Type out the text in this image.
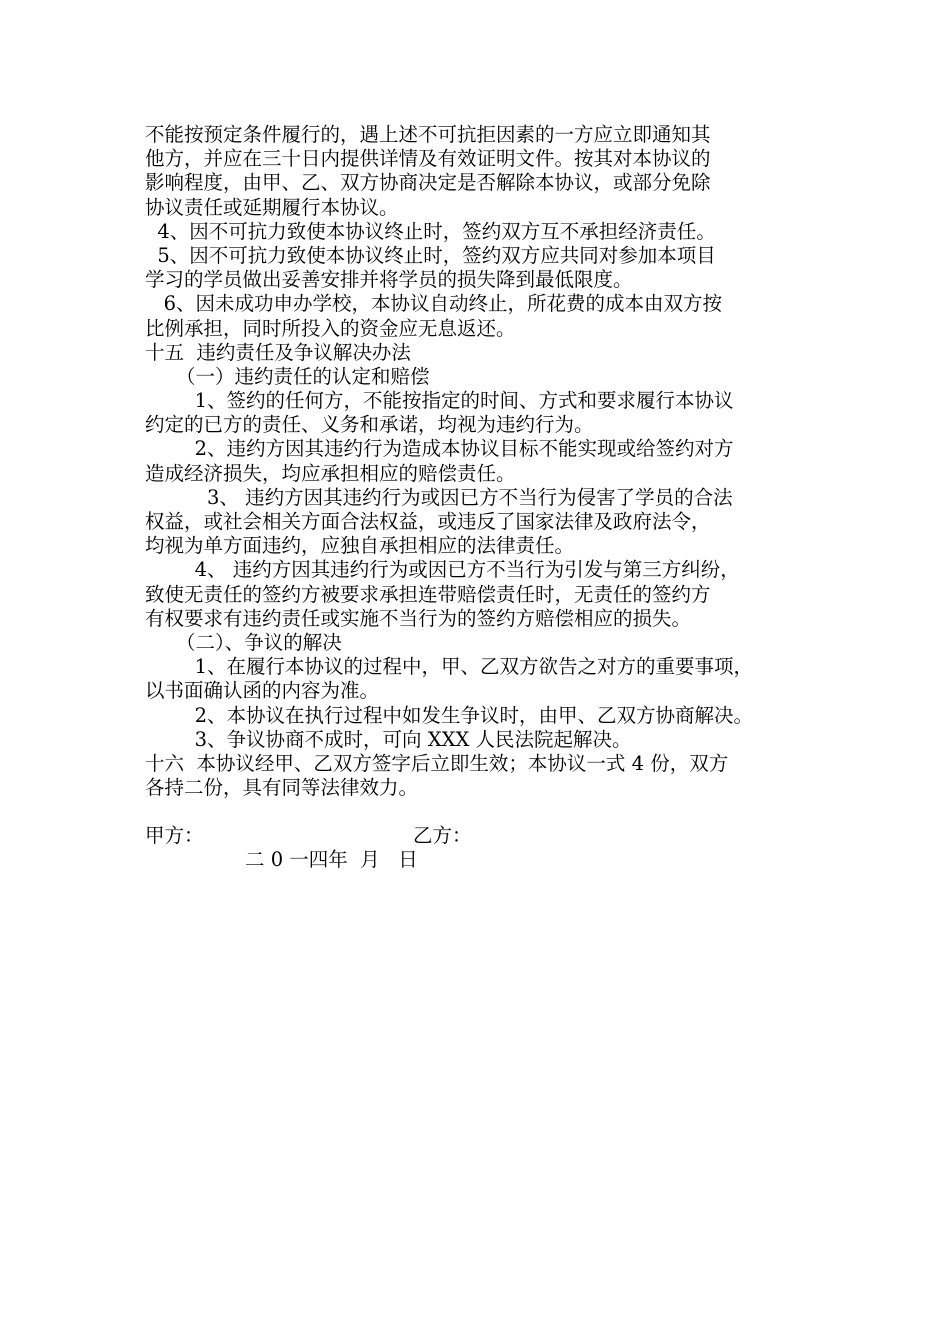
不能按预定条件履行的，遇上述不可抗拒因素的一方应立即通知其
他方，并应在三十日内提供详情及有效证明文件。按其对本协议的
影响程度，由甲、乙、双方协商决定是否解除本协议，或部分免除
协议责任或延期履行本协议。
4、因不可抗力致使本协议终止时，签约双方互不承担经济责任。
5、因不可抗力致使本协议终止时，签约双方应共同对参加本项目
学习的学员做出妥善安排并将学员的损失降到最低限度。
6、因未成功申办学校，本协议自动终止，所花费的成本由双方按
比例承担，同时所投入的资金应无息返还。
十五  违约责任及争议解决办法
（一）违约责任的认定和赔偿
1、签约的任何方，不能按指定的时间、方式和要求履行本协议
约定的已方的责任、义务和承诺，均视为违约行为。
2、违约方因其违约行为造成本协议目标不能实现或给签约对方
造成经济损失，均应承担相应的赔偿责任。
3、 违约方因其违约行为或因已方不当行为侵害了学员的合法
权益，或社会相关方面合法权益，或违反了国家法律及政府法令，
均视为单方面违约，应独自承担相应的法律责任。
4、 违约方因其违约行为或因已方不当行为引发与第三方纠纷，
致使无责任的签约方被要求承担连带赔偿责任时，无责任的签约方
有权要求有违约责任或实施不当行为的签约方赔偿相应的损失。
（二）、争议的解决
1、在履行本协议的过程中，甲、乙双方欲告之对方的重要事项，
以书面确认函的内容为准。
2、本协议在执行过程中如发生争议时，由甲、乙双方协商解决。
3、争议协商不成时，可向 XXX 人民法院起解决。
十六  本协议经甲、乙双方签字后立即生效；本协议一式 4 份，双方
各持二份，具有同等法律效力。
甲方：	乙方：
二 0 一四年  月   日
